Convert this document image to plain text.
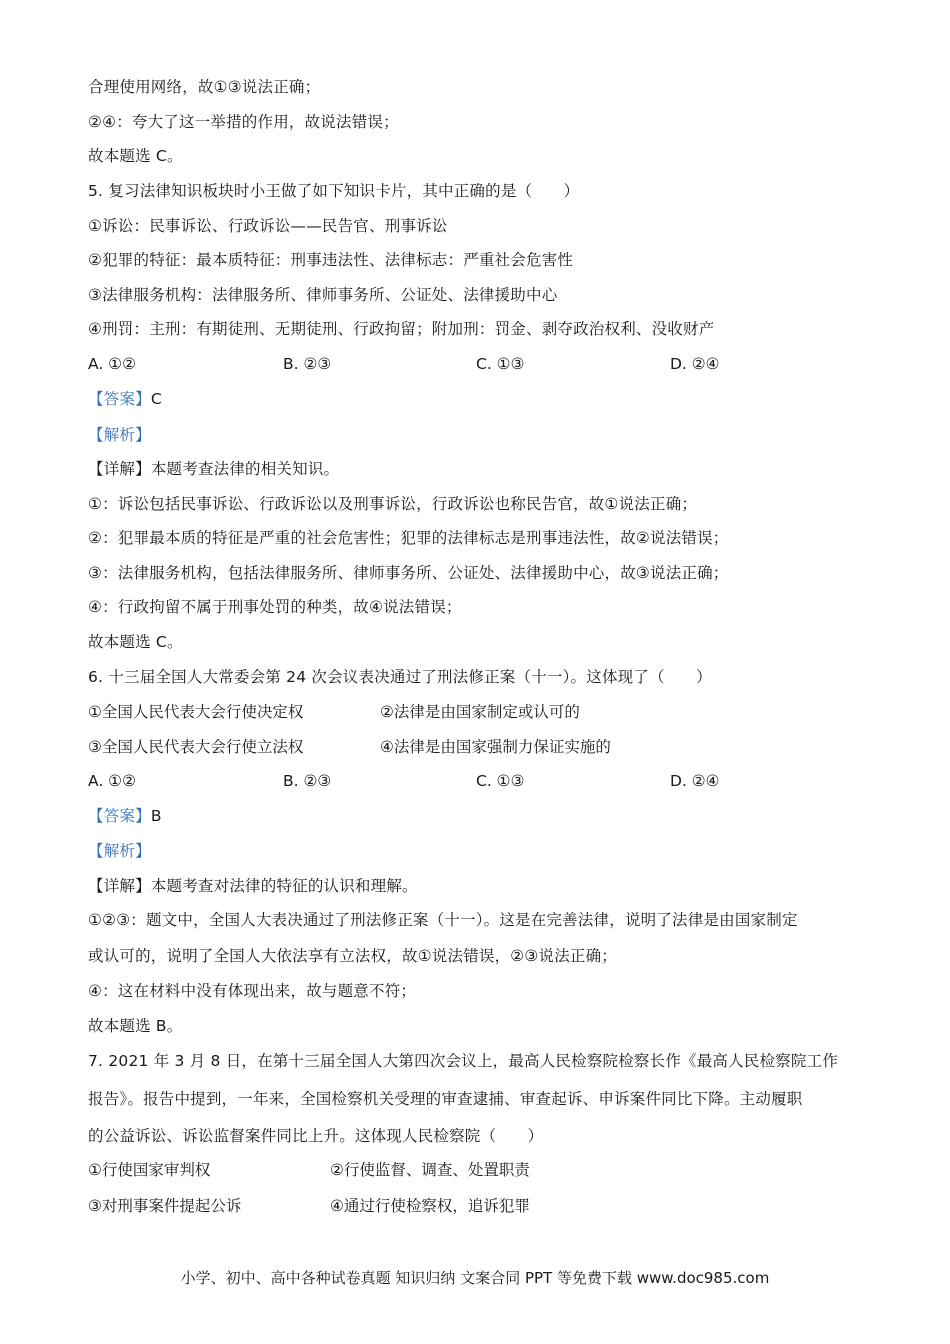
合理使用网络，故①③说法正确；
②④：夸大了这一举措的作用，故说法错误；
故本题选 C。
5. 复习法律知识板块时小王做了如下知识卡片，其中正确的是（　　）
①诉讼：民事诉讼、行政诉讼——民告官、刑事诉讼
②犯罪的特征：最本质特征：刑事违法性、法律标志：严重社会危害性
③法律服务机构：法律服务所、律师事务所、公证处、法律援助中心
④刑罚：主刑：有期徒刑、无期徒刑、行政拘留；附加刑：罚金、剥夺政治权利、没收财产
A. ①②	B. ②③	C. ①③	D. ②④
【答案】C
【解析】
【详解】本题考查法律的相关知识。
①：诉讼包括民事诉讼、行政诉讼以及刑事诉讼，行政诉讼也称民告官，故①说法正确；
②：犯罪最本质的特征是严重的社会危害性；犯罪的法律标志是刑事违法性，故②说法错误；
③：法律服务机构，包括法律服务所、律师事务所、公证处、法律援助中心，故③说法正确；
④：行政拘留不属于刑事处罚的种类，故④说法错误；
故本题选 C。
6. 十三届全国人大常委会第 24 次会议表决通过了刑法修正案（十一）。这体现了（　　）
①全国人民代表大会行使决定权	②法律是由国家制定或认可的
③全国人民代表大会行使立法权	④法律是由国家强制力保证实施的
A. ①②	B. ②③	C. ①③	D. ②④
【答案】B
【解析】
【详解】本题考查对法律的特征的认识和理解。
①②③：题文中，全国人大表决通过了刑法修正案（十一）。这是在完善法律，说明了法律是由国家制定
或认可的，说明了全国人大依法享有立法权，故①说法错误，②③说法正确；
④：这在材料中没有体现出来，故与题意不符；
故本题选 B。
7. 2021 年 3 月 8 日，在第十三届全国人大第四次会议上，最高人民检察院检察长作《最高人民检察院工作
报告》。报告中提到，一年来，全国检察机关受理的审查逮捕、审查起诉、申诉案件同比下降。主动履职
的公益诉讼、诉讼监督案件同比上升。这体现人民检察院（　　）
①行使国家审判权	②行使监督、调查、处置职责
③对刑事案件提起公诉	④通过行使检察权，追诉犯罪
小学、初中、高中各种试卷真题 知识归纳 文案合同 PPT 等免费下载 www.doc985.com
